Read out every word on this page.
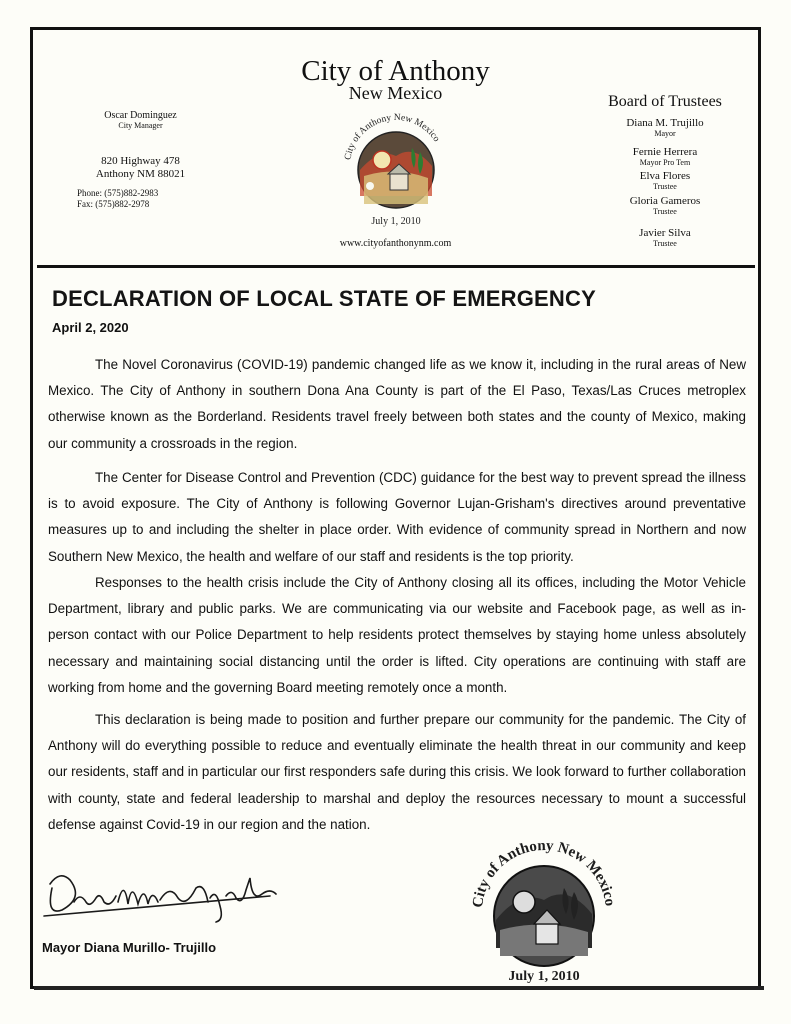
City of Anthony
New Mexico
Oscar Dominguez
City Manager
820 Highway 478
Anthony NM 88021
Phone: (575)882-2983
Fax: (575)882-2978
Board of Trustees
Diana M. Trujillo
Mayor
Fernie Herrera
Mayor Pro Tem
Elva Flores
Trustee
Gloria Gameros
Trustee
Javier Silva
Trustee
City of Anthony New Mexico
July 1, 2010
www.cityofanthonynm.com
DECLARATION OF LOCAL STATE OF EMERGENCY
April 2, 2020

The Novel Coronavirus (COVID-19) pandemic changed life as we know it, including in the rural areas of New Mexico. The City of Anthony in southern Dona Ana County is part of the El Paso, Texas/Las Cruces metroplex otherwise known as the Borderland. Residents travel freely between both states and the county of Mexico, making our community a crossroads in the region.

The Center for Disease Control and Prevention (CDC) guidance for the best way to prevent spread the illness is to avoid exposure. The City of Anthony is following Governor Lujan-Grisham's directives around preventative measures up to and including the shelter in place order. With evidence of community spread in Northern and now Southern New Mexico, the health and welfare of our staff and residents is the top priority.

Responses to the health crisis include the City of Anthony closing all its offices, including the Motor Vehicle Department, library and public parks. We are communicating via our website and Facebook page, as well as in-person contact with our Police Department to help residents protect themselves by staying home unless absolutely necessary and maintaining social distancing until the order is lifted. City operations are continuing with staff are working from home and the governing Board meeting remotely once a month.

This declaration is being made to position and further prepare our community for the pandemic. The City of Anthony will do everything possible to reduce and eventually eliminate the health threat in our community and keep our residents, staff and in particular our first responders safe during this crisis. We look forward to further collaboration with county, state and federal leadership to marshal and deploy the resources necessary to mount a successful defense against Covid-19 in our region and the nation.

Mayor Diana Murillo- Trujillo
City of Anthony New Mexico
July 1, 2010
